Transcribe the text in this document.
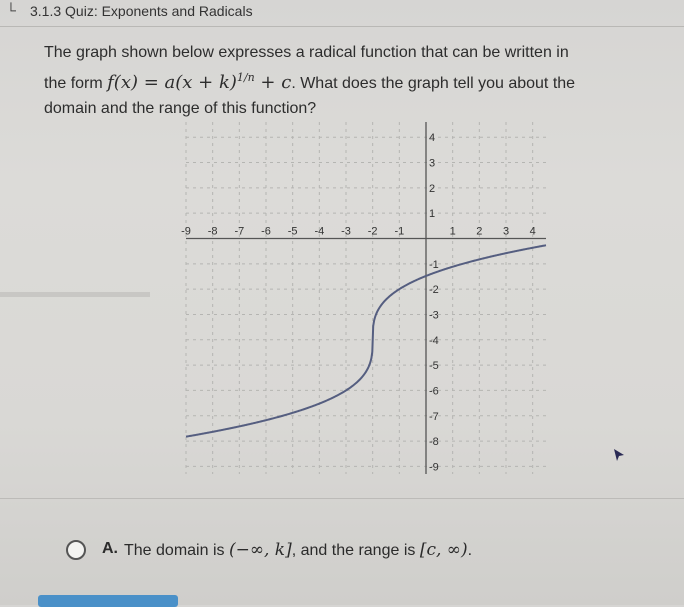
└ 3.1.3 Quiz: Exponents and Radicals
The graph shown below expresses a radical function that can be written in
the form $f(x) = a(x + k)^{1/n} + c$. What does the graph tell you about the
domain and the range of this function?
-9 -8 -7 -6 -5 -4 -3 -2 -1	1 2 3 4
4
3
2
1
-1
-2
-3
-4
-5
-6
-7
-8
-9
A. The domain is (−∞, k], and the range is [c, ∞).
